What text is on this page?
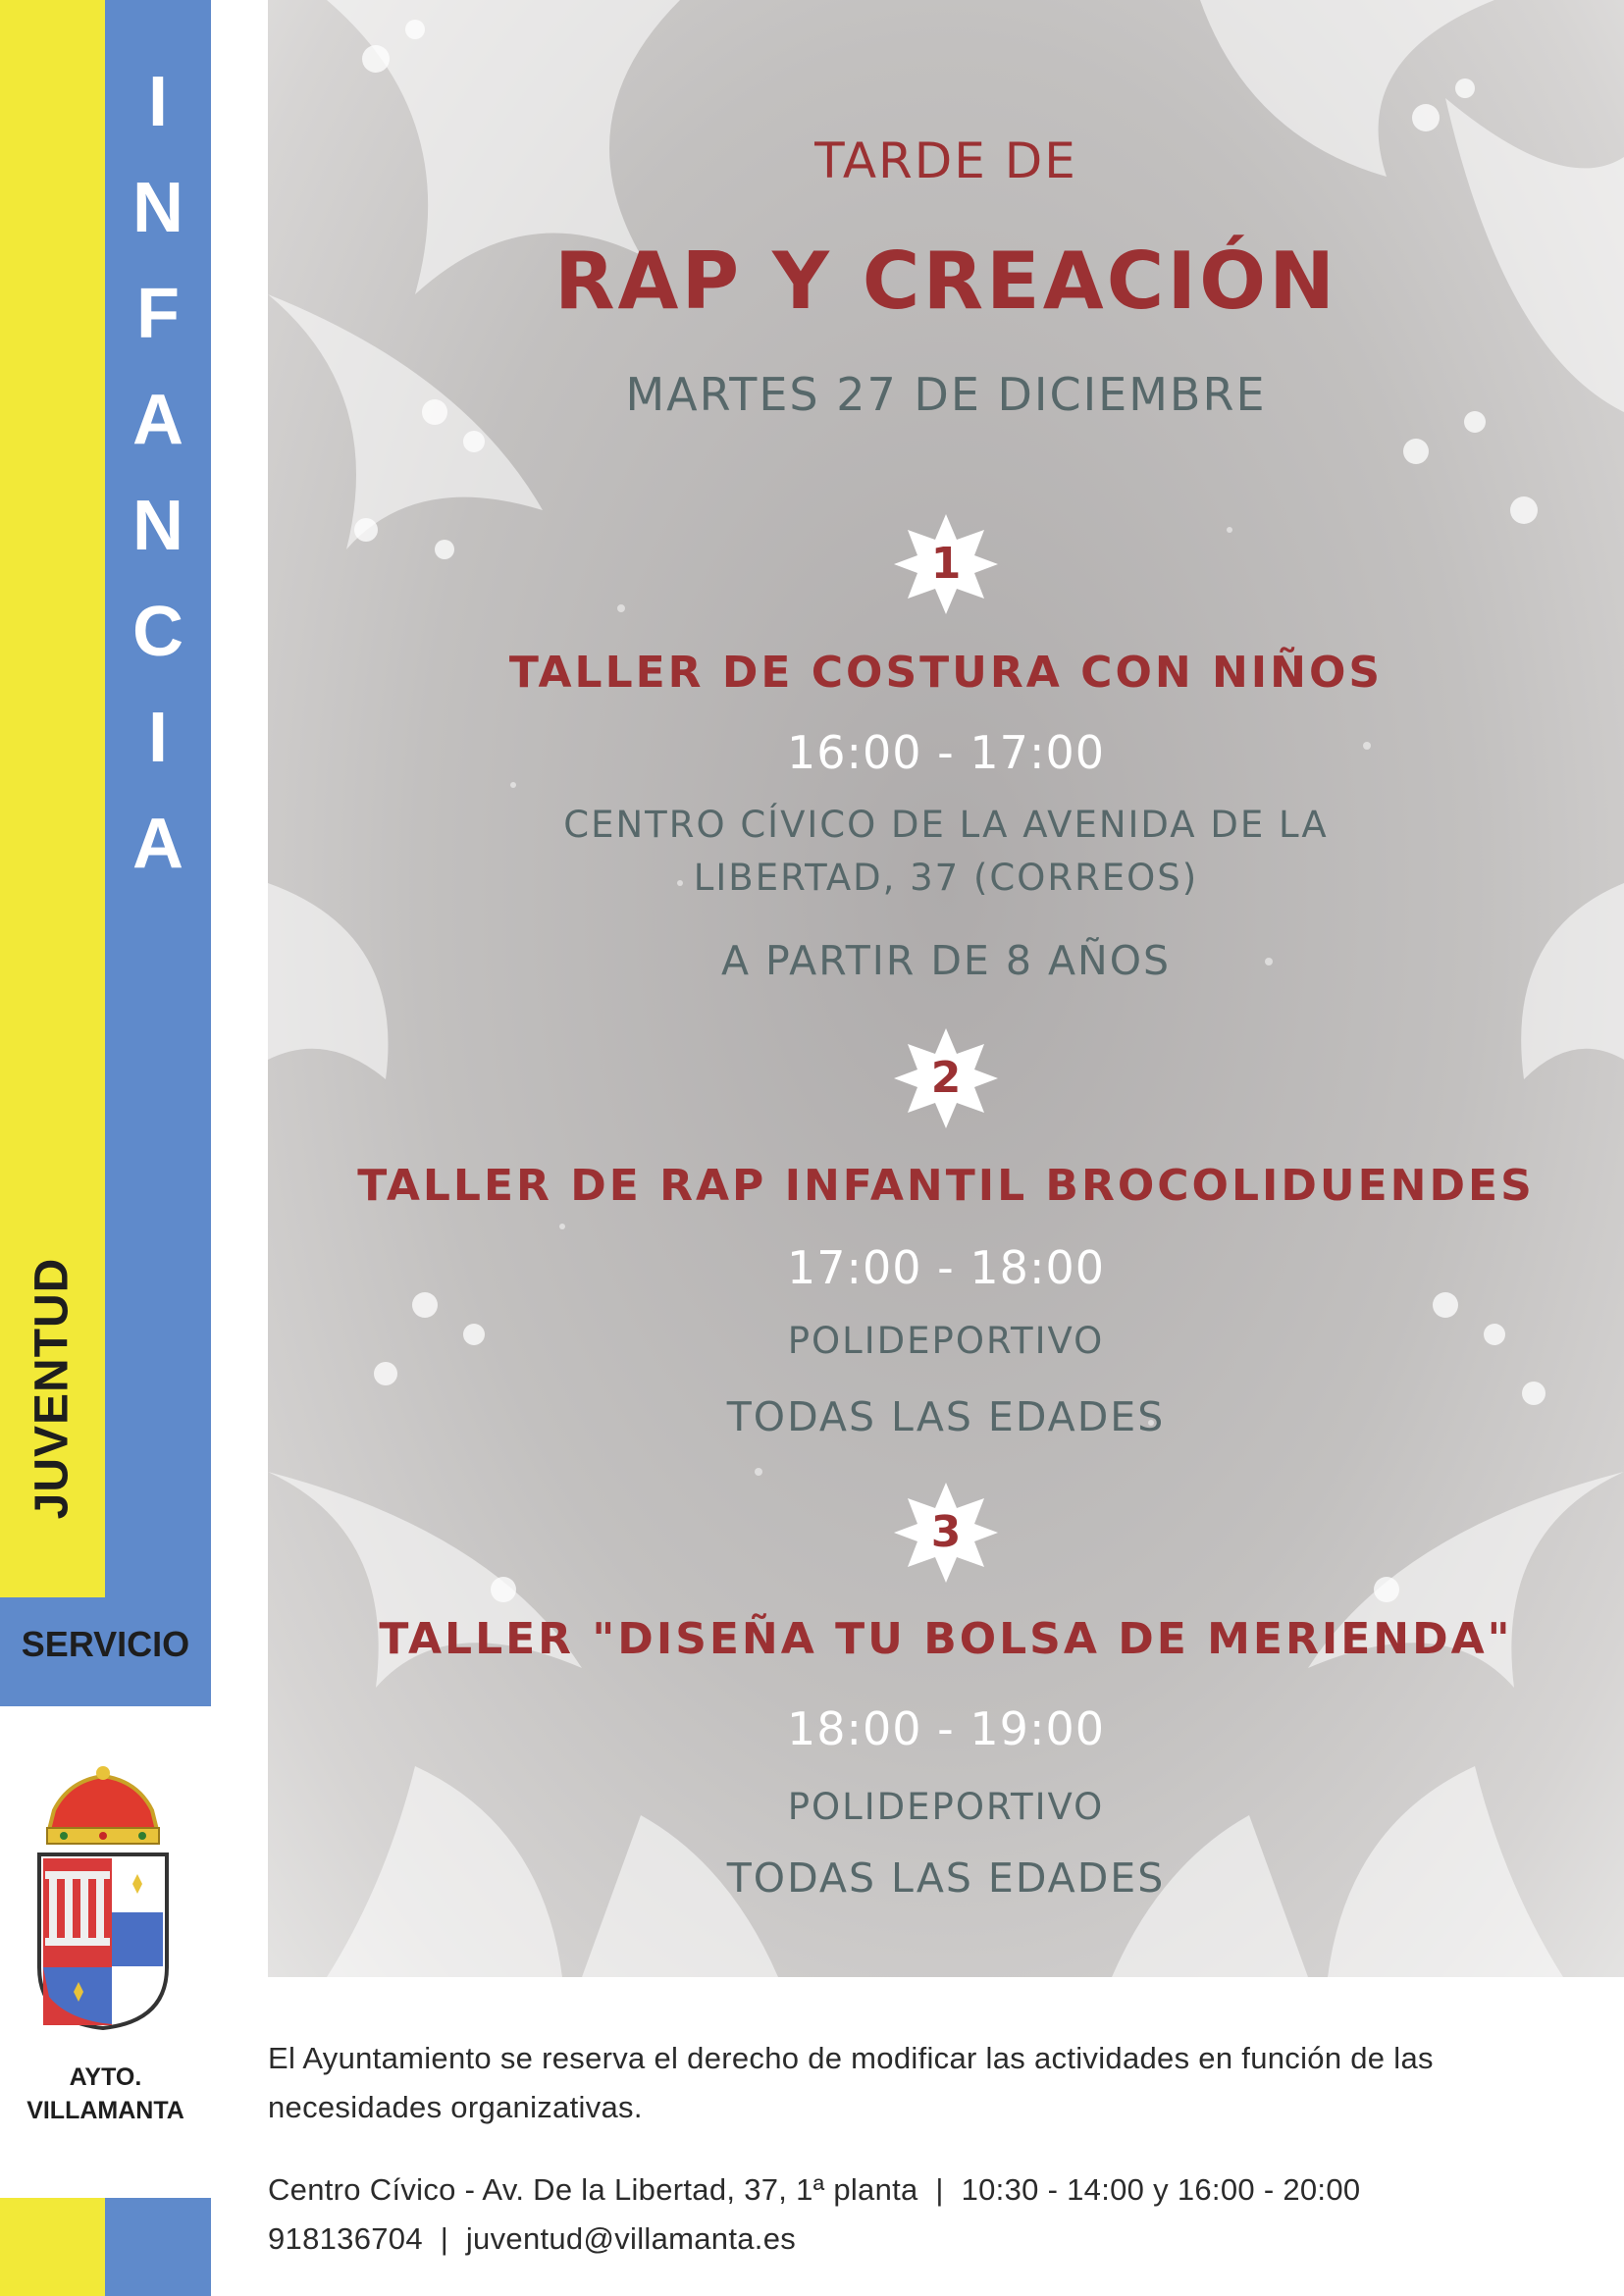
I
N
F
A
N
C
I
A
JUVENTUD
SERVICIO
AYTO.
VILLAMANTA
TARDE DE
RAP Y CREACIÓN
MARTES 27 DE DICIEMBRE
1
TALLER DE COSTURA CON NIÑOS
16:00 - 17:00
CENTRO CÍVICO DE LA AVENIDA DE LA
LIBERTAD, 37 (CORREOS)
A PARTIR DE 8 AÑOS
2
TALLER DE RAP INFANTIL BROCOLIDUENDES
17:00 - 18:00
POLIDEPORTIVO
TODAS LAS EDADES
3
TALLER "DISEÑA TU BOLSA DE MERIENDA"
18:00 - 19:00
POLIDEPORTIVO
TODAS LAS EDADES
El Ayuntamiento se reserva el derecho de modificar las actividades en función de las
necesidades organizativas.
Centro Cívico - Av. De la Libertad, 37, 1ª planta  |  10:30 - 14:00 y 16:00 - 20:00
918136704  |  juventud@villamanta.es
